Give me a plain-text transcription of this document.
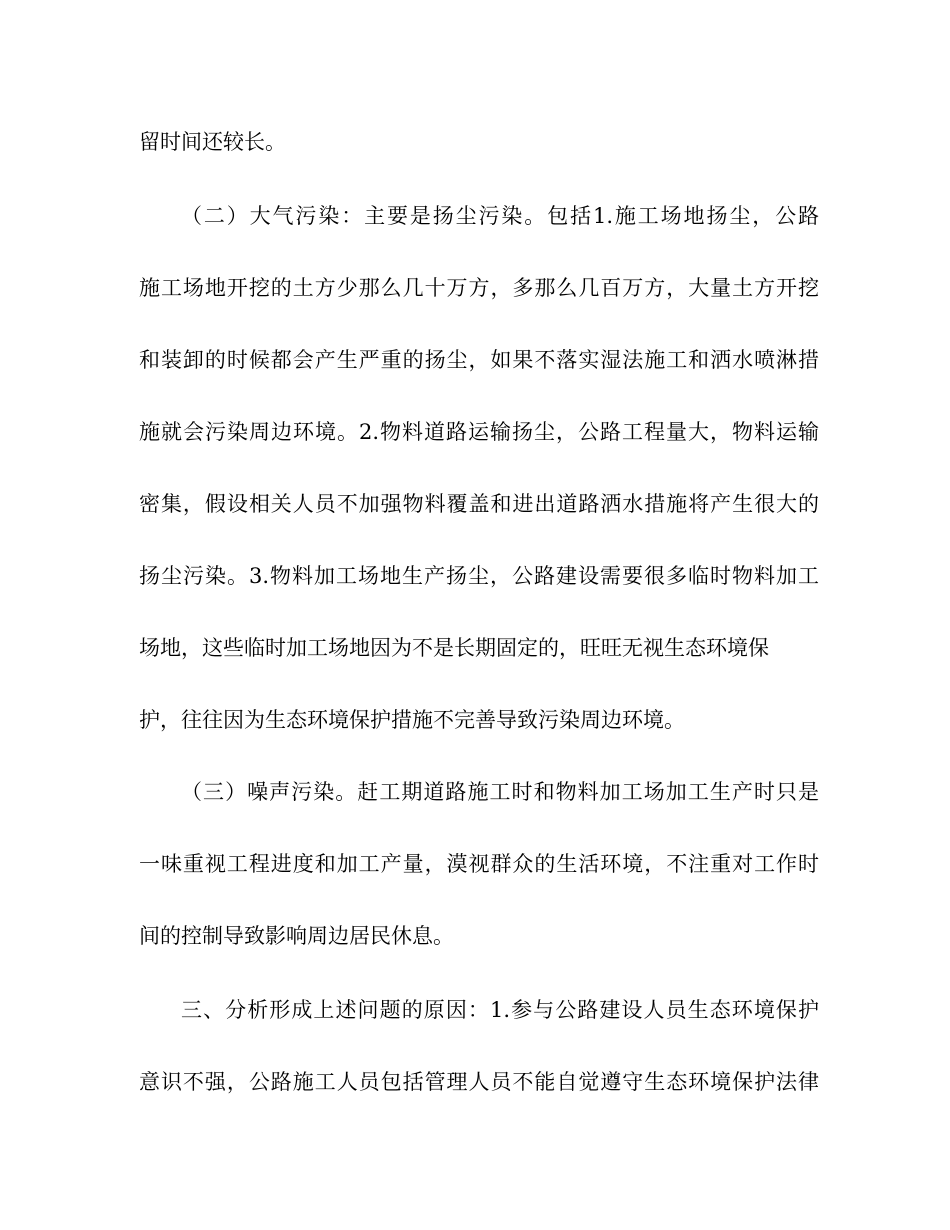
留时间还较长。
（二）大气污染：主要是扬尘污染。包括1.施工场地扬尘，公路
施工场地开挖的土方少那么几十万方，多那么几百万方，大量土方开挖
和装卸的时候都会产生严重的扬尘，如果不落实湿法施工和洒水喷淋措
施就会污染周边环境。2.物料道路运输扬尘，公路工程量大，物料运输
密集，假设相关人员不加强物料覆盖和进出道路洒水措施将产生很大的
扬尘污染。3.物料加工场地生产扬尘，公路建设需要很多临时物料加工
场地，这些临时加工场地因为不是长期固定的，旺旺无视生态环境保
护，往往因为生态环境保护措施不完善导致污染周边环境。
（三）噪声污染。赶工期道路施工时和物料加工场加工生产时只是
一味重视工程进度和加工产量，漠视群众的生活环境，不注重对工作时
间的控制导致影响周边居民休息。
三、分析形成上述问题的原因：1.参与公路建设人员生态环境保护
意识不强，公路施工人员包括管理人员不能自觉遵守生态环境保护法律
